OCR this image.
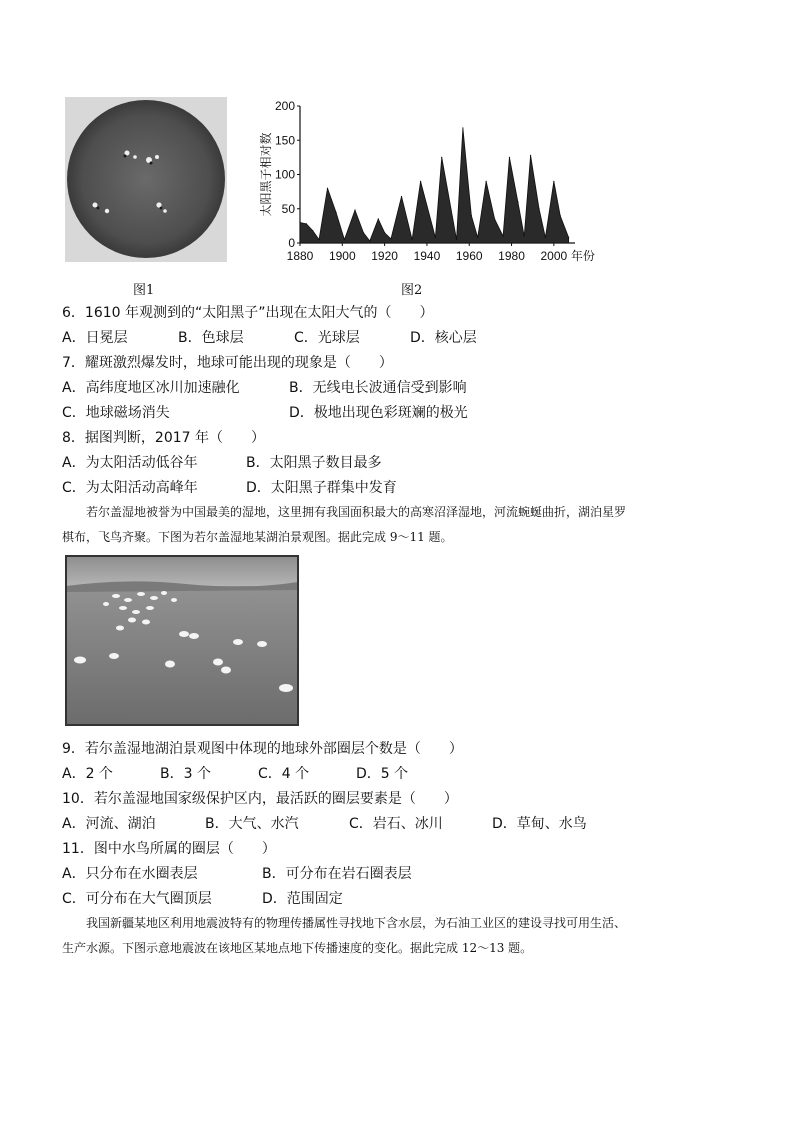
图1
0
50
100
150
200
1880 1900 1920 1940 1960 1980 2000 年份
太阳黑子相对数
图2
6．1610 年观测到的“太阳黑子”出现在太阳大气的（　　）
A．日冕层	B．色球层	C．光球层	D．核心层
7．耀斑激烈爆发时，地球可能出现的现象是（　　）
A．高纬度地区冰川加速融化	B．无线电长波通信受到影响
C．地球磁场消失	D．极地出现色彩斑斓的极光
8．据图判断，2017 年（　　）
A．为太阳活动低谷年	B．太阳黑子数目最多
C．为太阳活动高峰年	D．太阳黑子群集中发育
若尔盖湿地被誉为中国最美的湿地，这里拥有我国面积最大的高寒沼泽湿地，河流蜿蜒曲折，湖泊星罗
棋布，飞鸟齐聚。下图为若尔盖湿地某湖泊景观图。据此完成 9～11 题。
9．若尔盖湿地湖泊景观图中体现的地球外部圈层个数是（　　）
A．2 个	B．3 个	C．4 个	D．5 个
10．若尔盖湿地国家级保护区内，最活跃的圈层要素是（　　）
A．河流、湖泊	B．大气、水汽	C．岩石、冰川	D．草甸、水鸟
11．图中水鸟所属的圈层（　　）
A．只分布在水圈表层	B．可分布在岩石圈表层
C．可分布在大气圈顶层	D．范围固定
我国新疆某地区利用地震波特有的物理传播属性寻找地下含水层，为石油工业区的建设寻找可用生活、
生产水源。下图示意地震波在该地区某地点地下传播速度的变化。据此完成 12～13 题。
